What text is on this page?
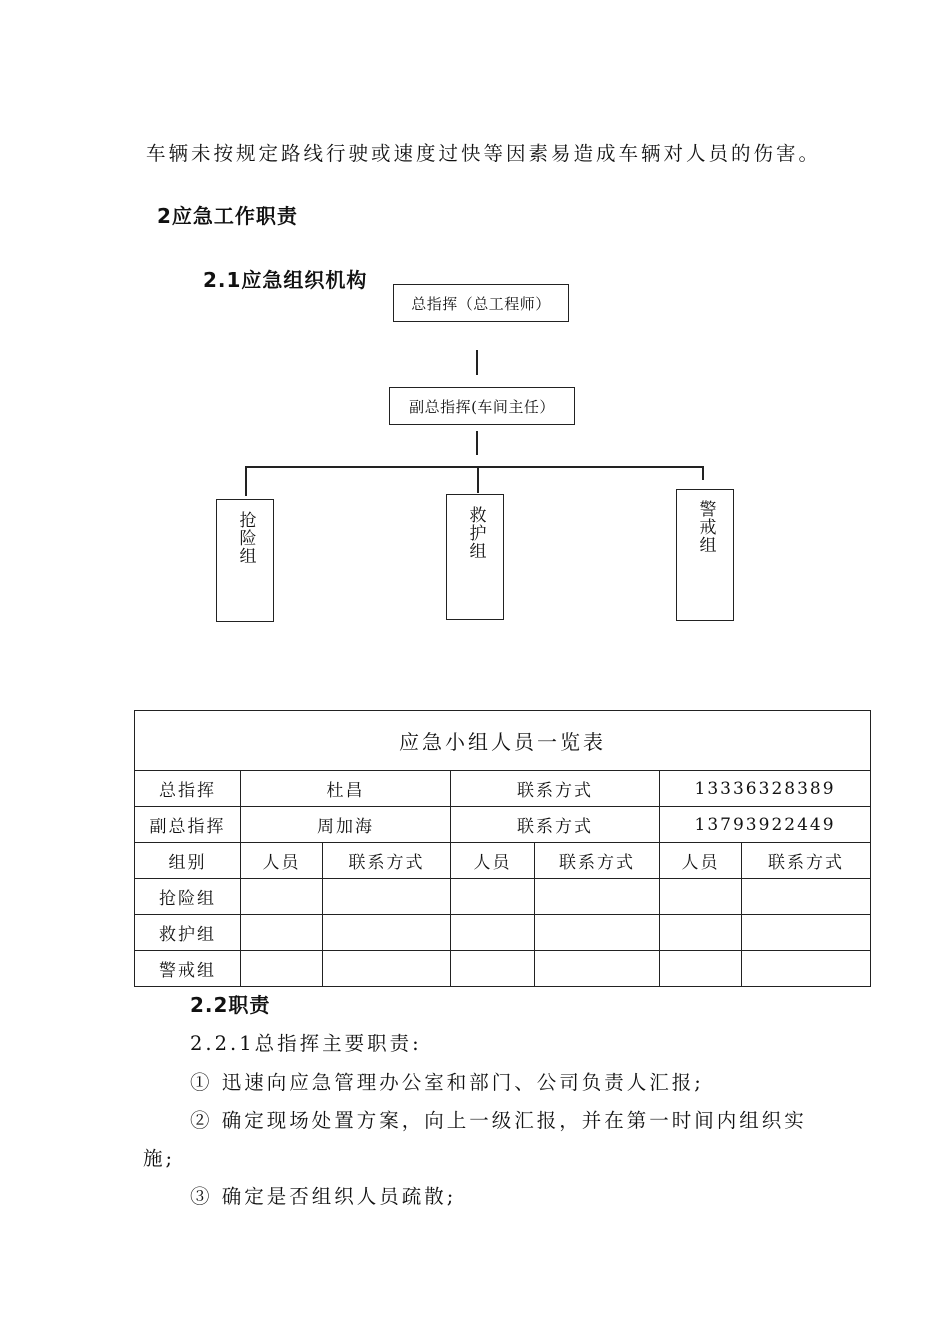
车辆未按规定路线行驶或速度过快等因素易造成车辆对人员的伤害。
2应急工作职责
2.1应急组织机构
总指挥（总工程师）
副总指挥(车间主任）
抢险组	救护组	警戒组
应急小组人员一览表						
总指挥	杜昌		联系方式		13336328389	
副总指挥	周加海		联系方式		13793922449	
组别	人员	联系方式	人员	联系方式	人员	联系方式
抢险组						
救护组						
警戒组						
2.2职责
2.2.1总指挥主要职责:
① 迅速向应急管理办公室和部门、公司负责人汇报;
② 确定现场处置方案，向上一级汇报，并在第一时间内组织实
施;
③ 确定是否组织人员疏散;
